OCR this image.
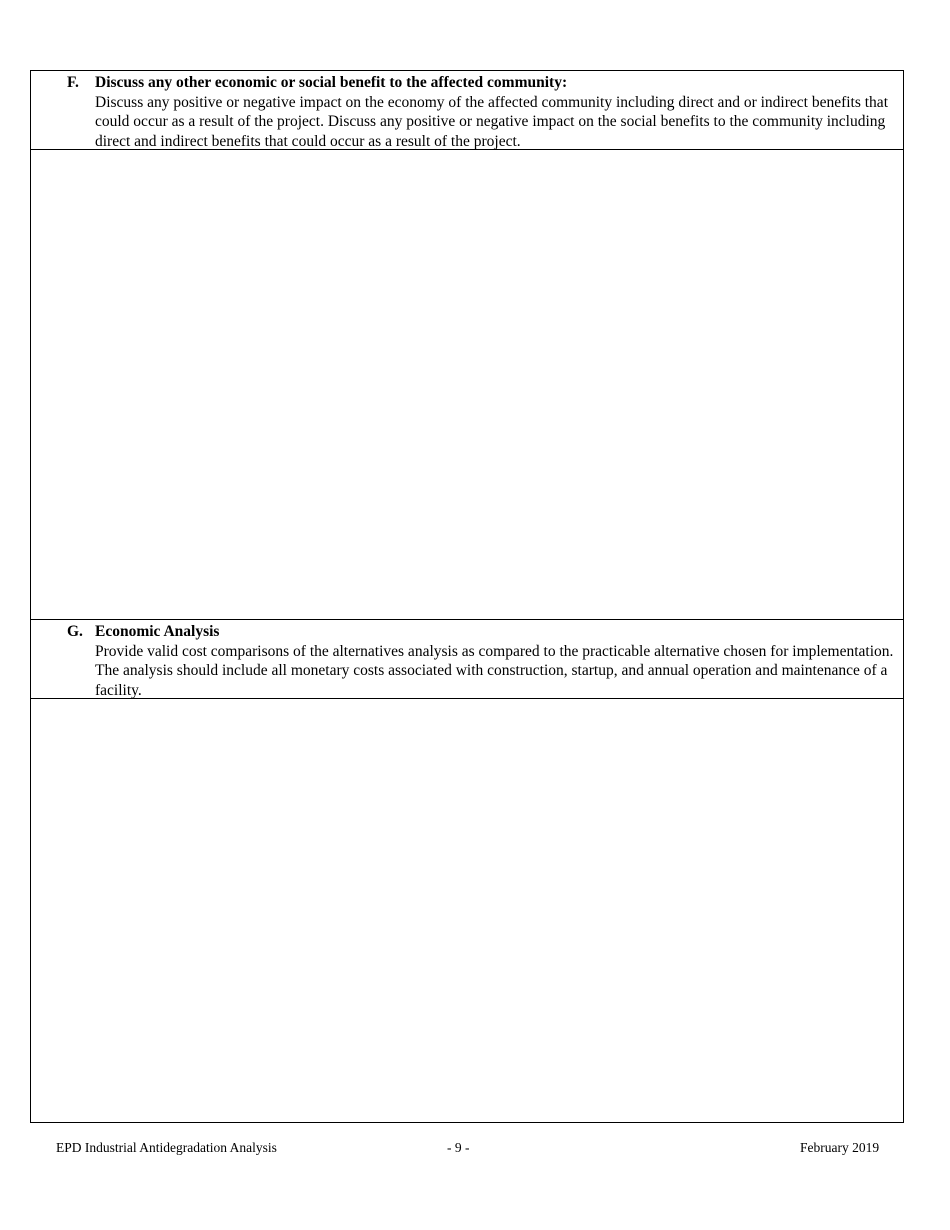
F. Discuss any other economic or social benefit to the affected community:
Discuss any positive or negative impact on the economy of the affected community including direct and or indirect benefits that could occur as a result of the project. Discuss any positive or negative impact on the social benefits to the community including direct and indirect benefits that could occur as a result of the project.
G. Economic Analysis
Provide valid cost comparisons of the alternatives analysis as compared to the practicable alternative chosen for implementation. The analysis should include all monetary costs associated with construction, startup, and annual operation and maintenance of a facility.
EPD Industrial Antidegradation Analysis	- 9 -	February 2019
